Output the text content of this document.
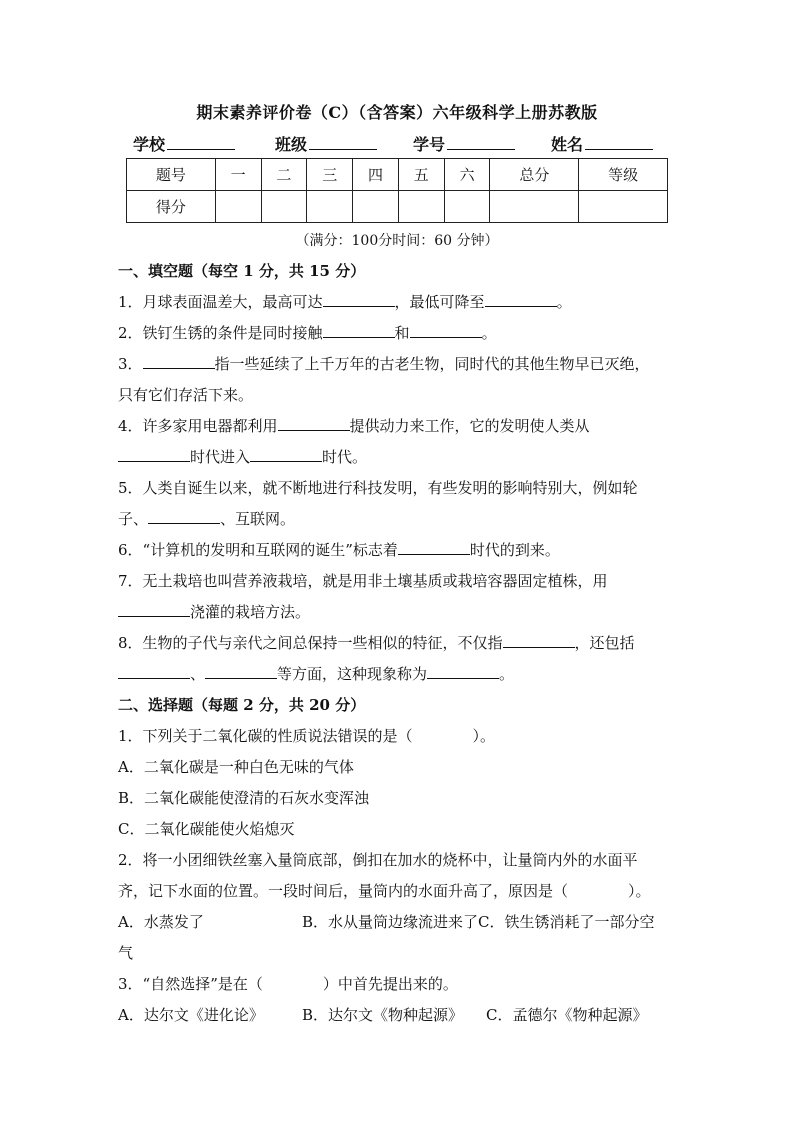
期末素养评价卷（C）（含答案）六年级科学上册苏教版
学校	班级	学号	姓名
题号	一	二	三	四	五	六	总分	等级
得分								
（满分：100分时间：60 分钟）

一、填空题（每空 1 分，共 15 分）

1．月球表面温差大，最高可达	，最低可降至	。

2．铁钉生锈的条件是同时接触	和	。

3．	指一些延续了上千万年的古老生物，同时代的其他生物早已灭绝，
只有它们存活下来。

4．许多家用电器都利用	提供动力来工作，它的发明使人类从
时代进入	时代。

5．人类自诞生以来，就不断地进行科技发明，有些发明的影响特别大，例如轮
子、	、互联网。

6．“计算机的发明和互联网的诞生”标志着	时代的到来。

7．无土栽培也叫营养液栽培，就是用非土壤基质或栽培容器固定植株，用
浇灌的栽培方法。

8．生物的子代与亲代之间总保持一些相似的特征，不仅指	，还包括
、	等方面，这种现象称为	。

二、选择题（每题 2 分，共 20 分）

1．下列关于二氧化碳的性质说法错误的是（	）。

A．二氧化碳是一种白色无味的气体

B．二氧化碳能使澄清的石灰水变浑浊

C．二氧化碳能使火焰熄灭

2．将一小团细铁丝塞入量筒底部，倒扣在加水的烧杯中，让量筒内外的水面平
齐，记下水面的位置。一段时间后，量筒内的水面升高了，原因是（	）。

A．水蒸发了	B．水从量筒边缘流进来了C．铁生锈消耗了一部分空
气

3．“自然选择”是在（	）中首先提出来的。

A．达尔文《进化论》	B．达尔文《物种起源》 C．孟德尔《物种起源》
